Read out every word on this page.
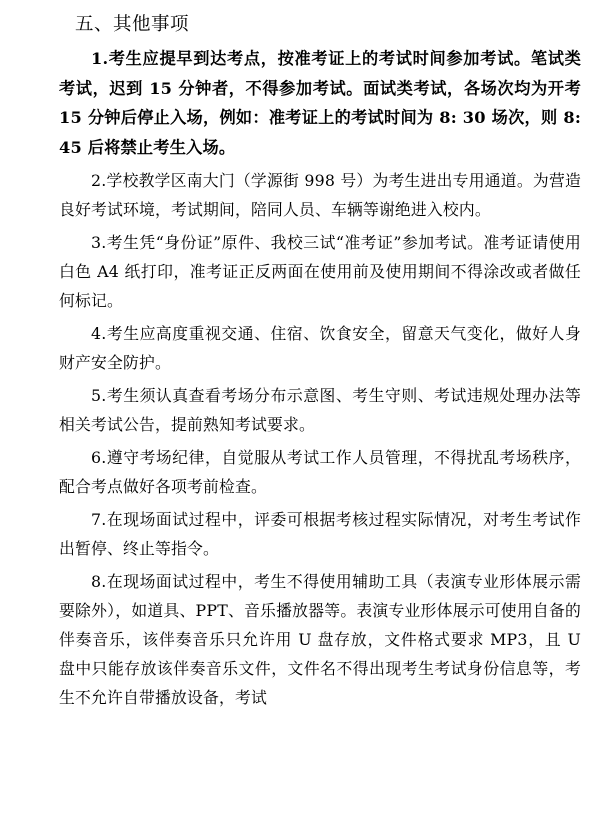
五、其他事项

1.考生应提早到达考点，按准考证上的考试时间参加考试。笔试类考试，迟到 15 分钟者，不得参加考试。面试类考试，各场次均为开考 15 分钟后停止入场，例如：准考证上的考试时间为 8: 30 场次，则 8: 45 后将禁止考生入场。

2.学校教学区南大门（学源街 998 号）为考生进出专用通道。为营造良好考试环境，考试期间，陪同人员、车辆等谢绝进入校内。

3.考生凭“身份证”原件、我校三试“准考证”参加考试。准考证请使用白色 A4 纸打印，准考证正反两面在使用前及使用期间不得涂改或者做任何标记。

4.考生应高度重视交通、住宿、饮食安全，留意天气变化，做好人身财产安全防护。

5.考生须认真查看考场分布示意图、考生守则、考试违规处理办法等相关考试公告，提前熟知考试要求。

6.遵守考场纪律，自觉服从考试工作人员管理，不得扰乱考场秩序，配合考点做好各项考前检查。

7.在现场面试过程中，评委可根据考核过程实际情况，对考生考试作出暂停、终止等指令。

8.在现场面试过程中，考生不得使用辅助工具（表演专业形体展示需要除外），如道具、PPT、音乐播放器等。表演专业形体展示可使用自备的伴奏音乐，该伴奏音乐只允许用 U 盘存放，文件格式要求 MP3，且 U 盘中只能存放该伴奏音乐文件，文件名不得出现考生考试身份信息等，考生不允许自带播放设备，考试
